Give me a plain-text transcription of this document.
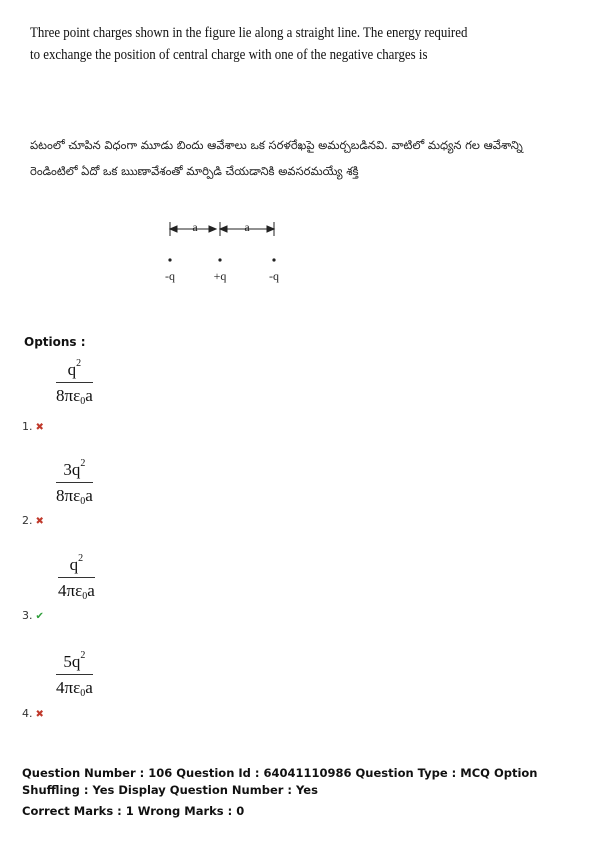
Three point charges shown in the figure lie along a straight line. The energy required to exchange the position of central charge with one of the negative charges is
పటంలో చూపిన విధంగా మూడు బిందు ఆవేశాలు ఒక సరళరేఖపై అమర్చబడినవి. వాటిలో మధ్యన గల ఆవేశాన్ని రెండింటిలో ఏదో ఒక ఋణావేశంతో మార్పిడి చేయడానికి అవసరమయ్యే శక్తి
a	a
-q	+q	-q
Options :
$q^2$
$8\pi\varepsilon_0a$
1. ✖
$3q^2$
$8\pi\varepsilon_0a$
2. ✖
$q^2$
$4\pi\varepsilon_0a$
3. ✔
$5q^2$
$4\pi\varepsilon_0a$
4. ✖

Question Number : 106 Question Id : 64041110986 Question Type : MCQ Option Shuffling : Yes Display Question Number : Yes

Correct Marks : 1 Wrong Marks : 0
